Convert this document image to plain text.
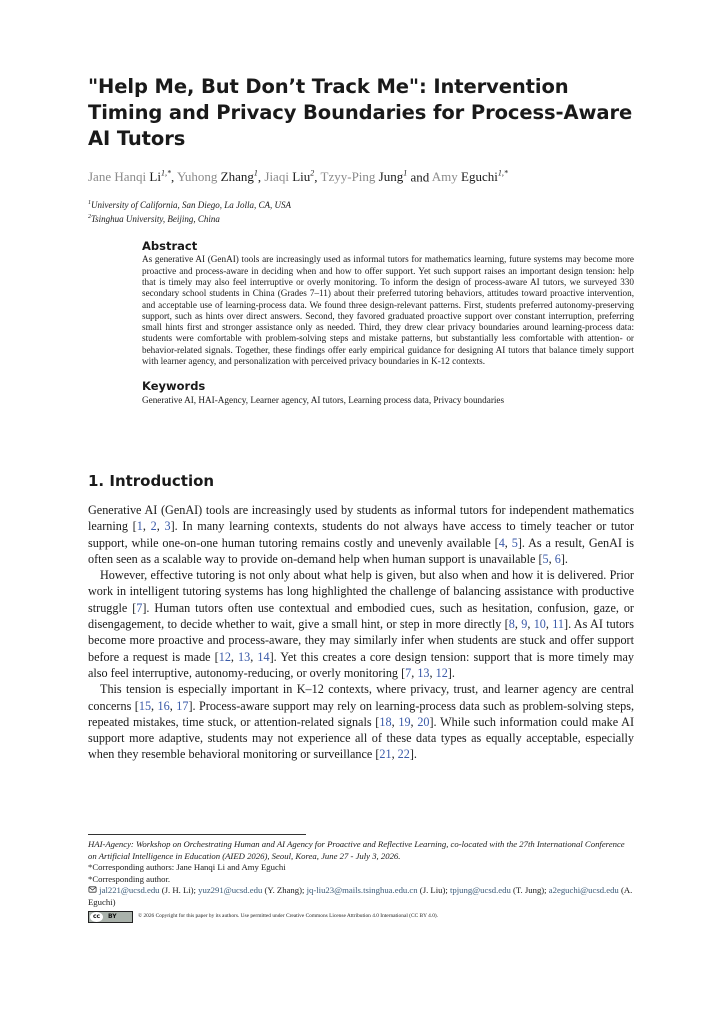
"Help Me, But Don’t Track Me": Intervention Timing and Privacy Boundaries for Process-Aware AI Tutors
Jane Hanqi $Li^{1,*}$, Yuhong Zhang$^1$, Jiaqi Liu$^2$, Tzyy-Ping Jung$^1$ and Amy Eguchi$^{1,*}$
$^1$University of California, San Diego, La Jolla, CA, USA
$^2$Tsinghua University, Beijing, China

Abstract

As generative AI (GenAI) tools are increasingly used as informal tutors for mathematics learning, future systems may become more proactive and process-aware in deciding when and how to offer support. Yet such support raises an important design tension: help that is timely may also feel interruptive or overly monitoring. To inform the design of process-aware AI tutors, we surveyed 330 secondary school students in China (Grades 7–11) about their preferred tutoring behaviors, attitudes toward proactive intervention, and acceptable use of learning-process data. We found three design-relevant patterns. First, students preferred autonomy-preserving support, such as hints over direct answers. Second, they favored graduated proactive support over constant interruption, preferring small hints first and stronger assistance only as needed. Third, they drew clear privacy boundaries around learning-process data: students were comfortable with problem-solving steps and mistake patterns, but substantially less comfortable with attention- or behavior-related signals. Together, these findings offer early empirical guidance for designing AI tutors that balance timely support with learner agency, and personalization with perceived privacy boundaries in K-12 contexts.

Keywords

Generative AI, HAI-Agency, Learner agency, AI tutors, Learning process data, Privacy boundaries

1. Introduction

Generative AI (GenAI) tools are increasingly used by students as informal tutors for independent mathematics learning [1, 2, 3]. In many learning contexts, students do not always have access to timely teacher or tutor support, while one-on-one human tutoring remains costly and unevenly available [4, 5]. As a result, GenAI is often seen as a scalable way to provide on-demand help when human support is unavailable [5, 6].

However, effective tutoring is not only about what help is given, but also when and how it is delivered. Prior work in intelligent tutoring systems has long highlighted the challenge of balancing assistance with productive struggle [7]. Human tutors often use contextual and embodied cues, such as hesitation, confusion, gaze, or disengagement, to decide whether to wait, give a small hint, or step in more directly [8, 9, 10, 11]. As AI tutors become more proactive and process-aware, they may similarly infer when students are stuck and offer support before a request is made [12, 13, 14]. Yet this creates a core design tension: support that is more timely may also feel interruptive, autonomy-reducing, or overly monitoring [7, 13, 12].

This tension is especially important in K–12 contexts, where privacy, trust, and learner agency are central concerns [15, 16, 17]. Process-aware support may rely on learning-process data such as problem-solving steps, repeated mistakes, time stuck, or attention-related signals [18, 19, 20]. While such information could make AI support more adaptive, students may not experience all of these data types as equally acceptable, especially when they resemble behavioral monitoring or surveillance [21, 22].

HAI-Agency: Workshop on Orchestrating Human and AI Agency for Proactive and Reflective Learning, co-located with the 27th International Conference on Artificial Intelligence in Education (AIED 2026), Seoul, Korea, June 27 - July 3, 2026.

*Corresponding authors: Jane Hanqi Li and Amy Eguchi

*Corresponding author.

jal221@ucsd.edu (J. H. Li); yuz291@ucsd.edu (Y. Zhang); jq-liu23@mails.tsinghua.edu.cn (J. Liu); tpjung@ucsd.edu (T. Jung); a2eguchi@ucsd.edu (A. Eguchi)

cc	BY	© 2026 Copyright for this paper by its authors. Use permitted under Creative Commons License Attribution 4.0 International (CC BY 4.0).
